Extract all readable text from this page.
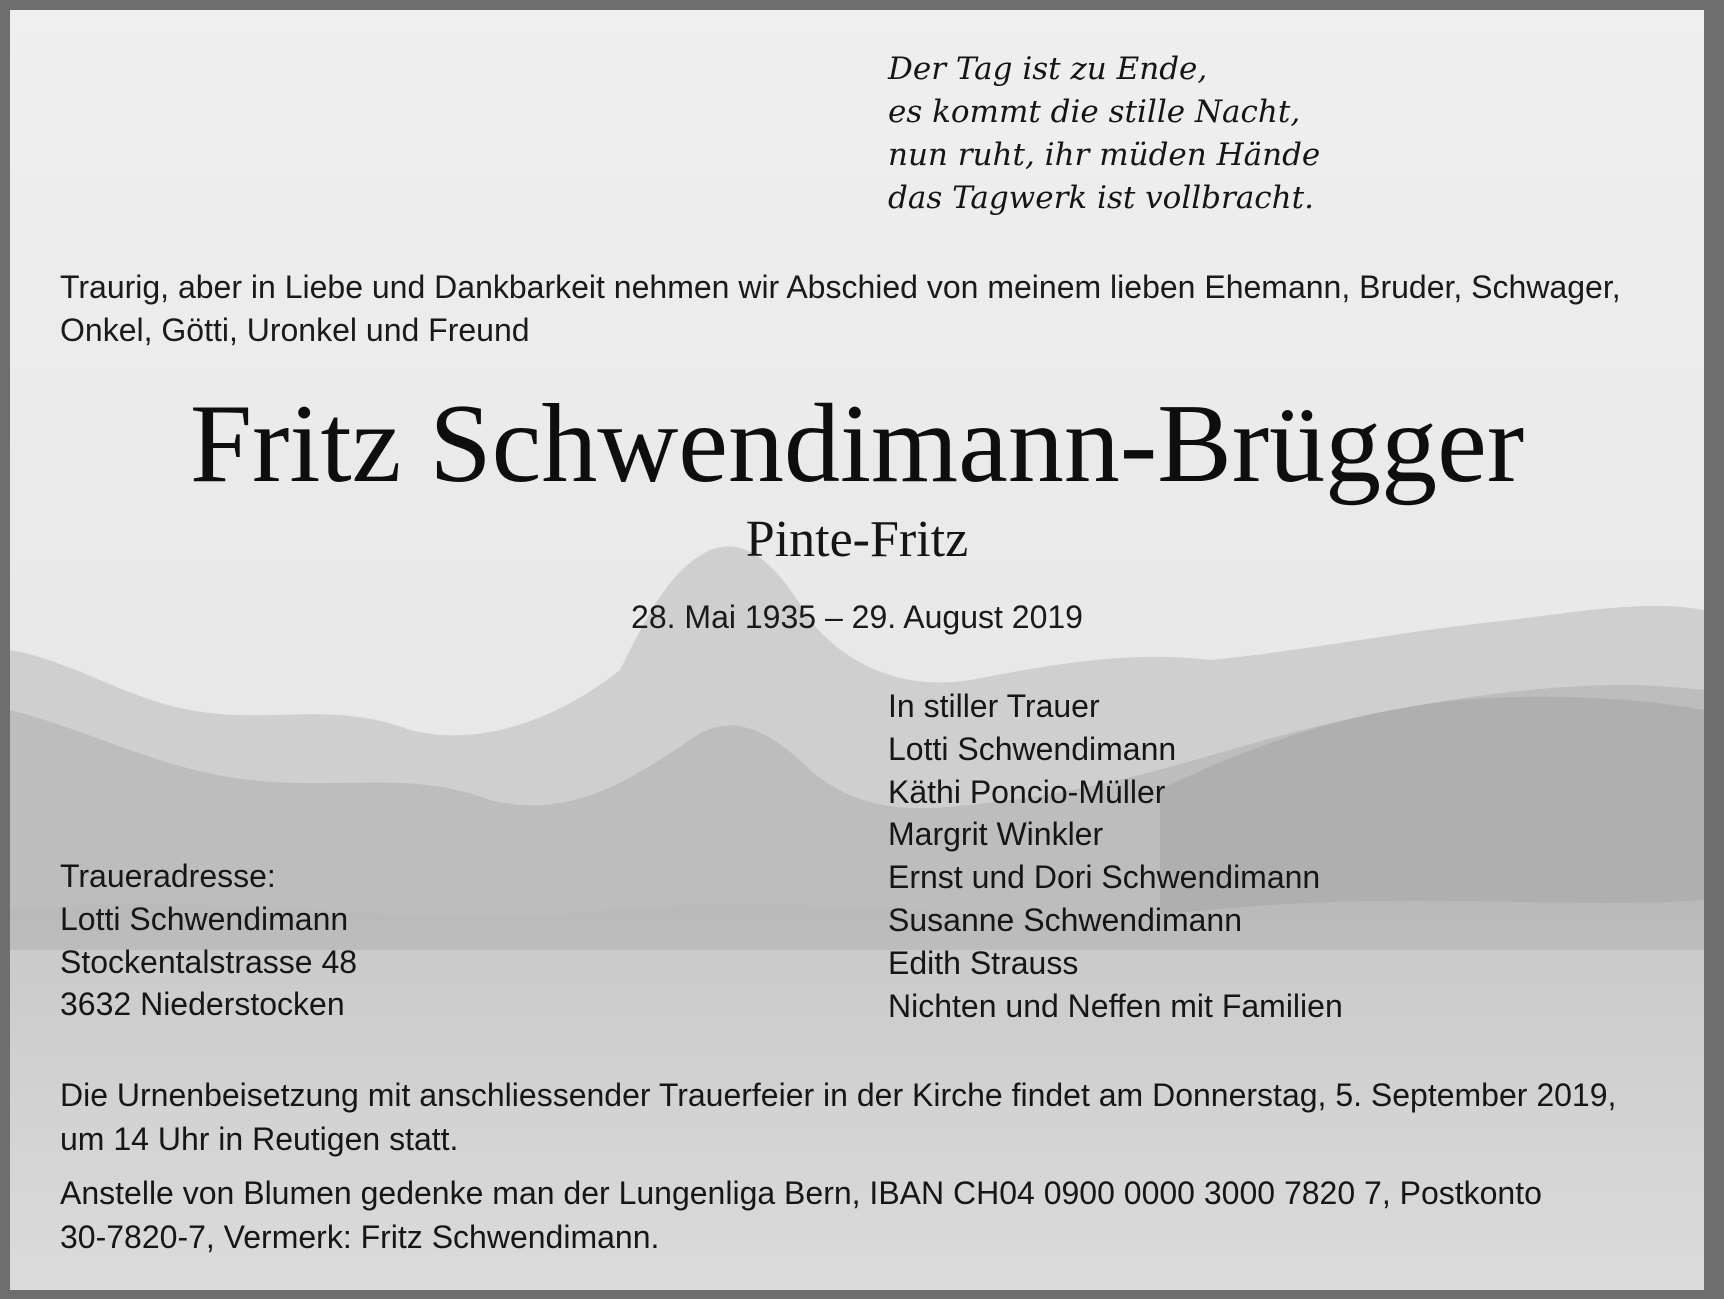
Der Tag ist zu Ende,
es kommt die stille Nacht,
nun ruht, ihr müden Hände
das Tagwerk ist vollbracht.
Traurig, aber in Liebe und Dankbarkeit nehmen wir Abschied von meinem lieben Ehemann, Bruder, Schwager,
Onkel, Götti, Uronkel und Freund
Fritz Schwendimann-Brügger
Pinte-Fritz
28. Mai 1935 – 29. August 2019
In stiller Trauer
Lotti Schwendimann
Käthi Poncio-Müller
Margrit Winkler
Ernst und Dori Schwendimann
Susanne Schwendimann
Edith Strauss
Nichten und Neffen mit Familien
Traueradresse:
Lotti Schwendimann
Stockentalstrasse 48
3632 Niederstocken
Die Urnenbeisetzung mit anschliessender Trauerfeier in der Kirche findet am Donnerstag, 5. September 2019,
um 14 Uhr in Reutigen statt.
Anstelle von Blumen gedenke man der Lungenliga Bern, IBAN CH04 0900 0000 3000 7820 7, Postkonto
30-7820-7, Vermerk: Fritz Schwendimann.
